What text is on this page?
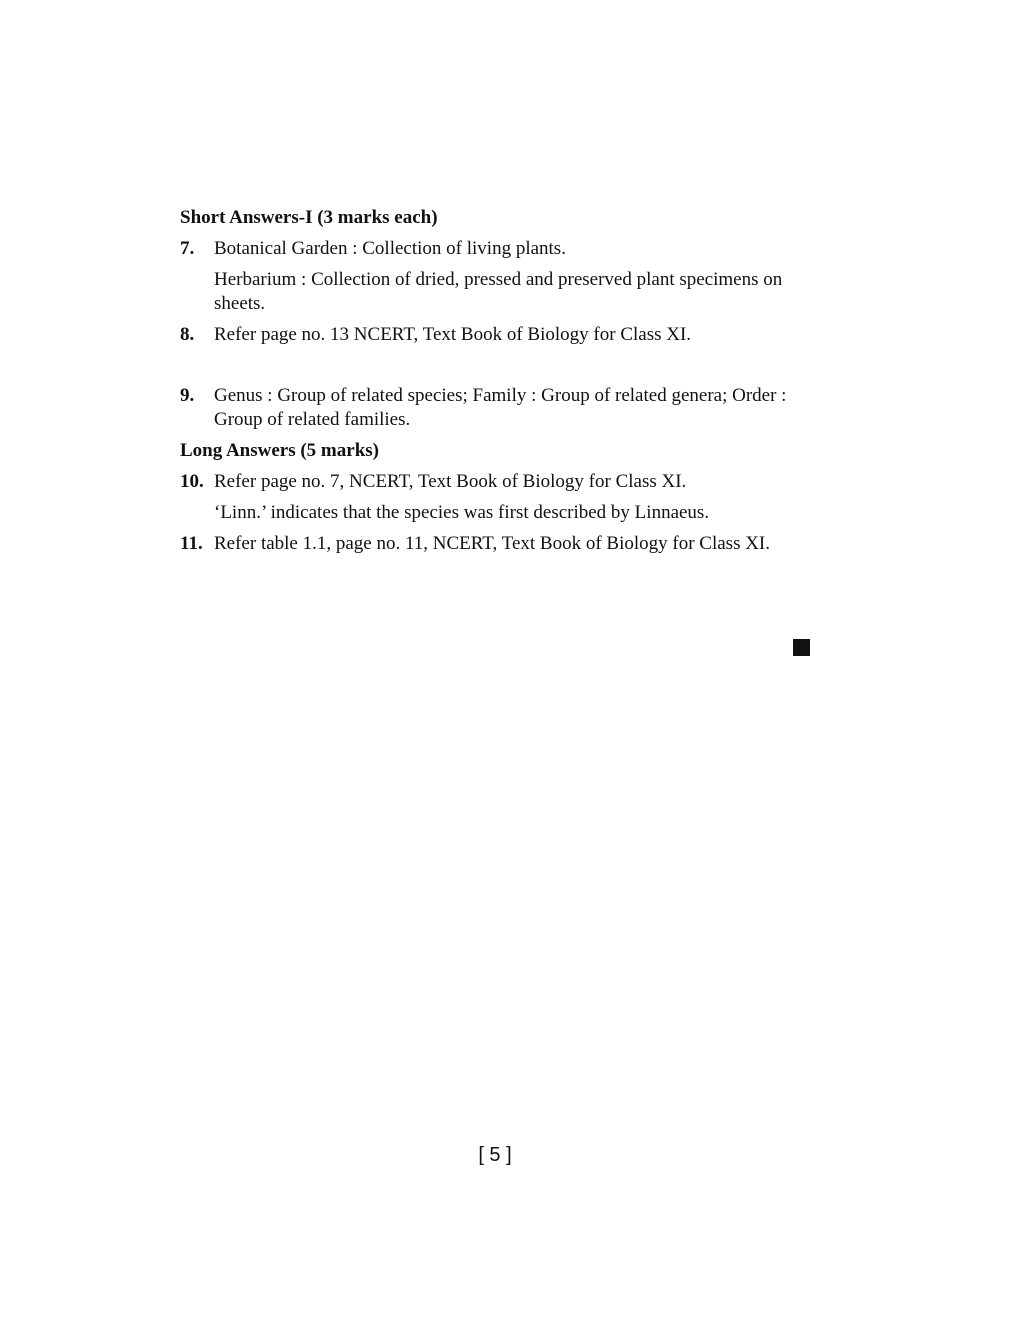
Short Answers-I (3 marks each)

7. Botanical Garden : Collection of living plants.

Herbarium : Collection of dried, pressed and preserved plant specimens on sheets.

8. Refer page no. 13 NCERT, Text Book of Biology for Class XI.

9. Genus : Group of related species; Family : Group of related genera; Order : Group of related families.

Long Answers (5 marks)

10. Refer page no. 7, NCERT, Text Book of Biology for Class XI.

‘Linn.’ indicates that the species was first described by Linnaeus.

11. Refer table 1.1, page no. 11, NCERT, Text Book of Biology for Class XI.

[ 5 ]
